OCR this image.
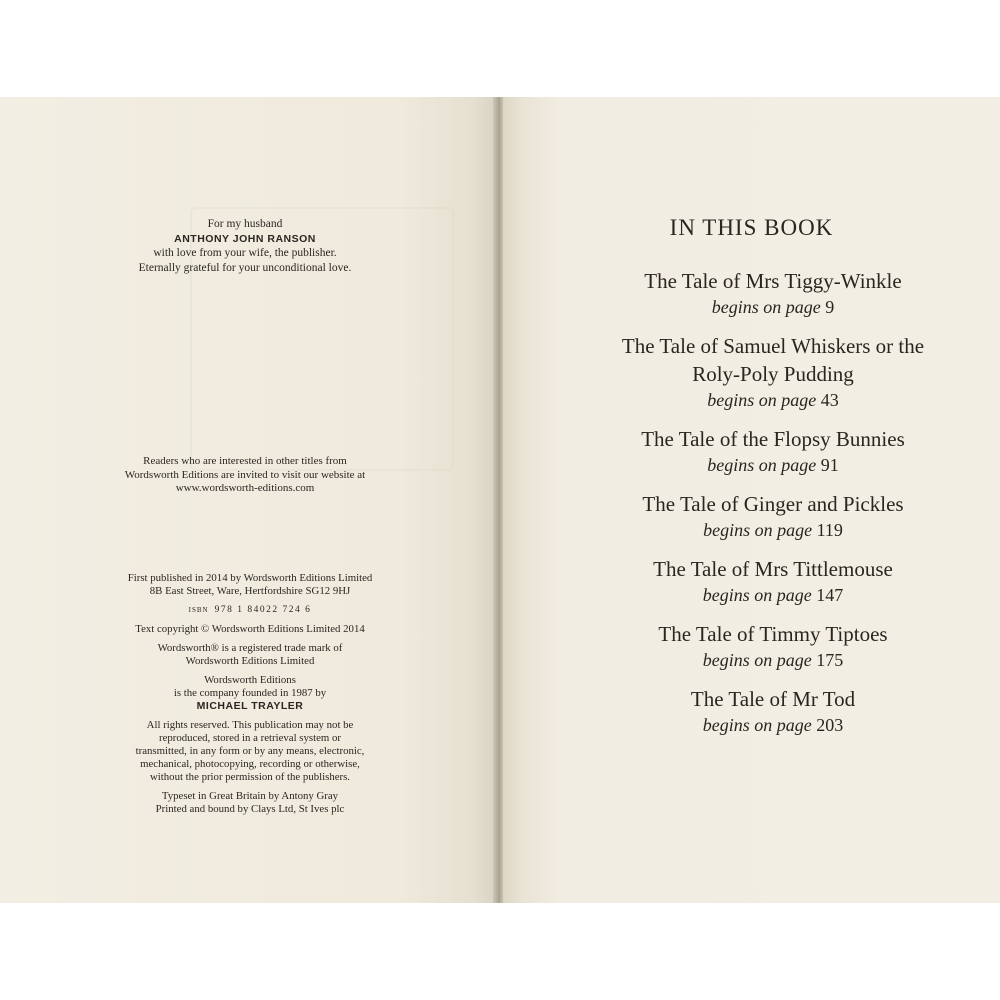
For my husband
ANTHONY JOHN RANSON
with love from your wife, the publisher.
Eternally grateful for your unconditional love.
Readers who are interested in other titles from
Wordsworth Editions are invited to visit our website at
www.wordsworth-editions.com
First published in 2014 by Wordsworth Editions Limited
8B East Street, Ware, Hertfordshire SG12 9HJ
ISBN 978 1 84022 724 6
Text copyright © Wordsworth Editions Limited 2014
Wordsworth® is a registered trade mark of
Wordsworth Editions Limited
Wordsworth Editions
is the company founded in 1987 by
MICHAEL TRAYLER
All rights reserved. This publication may not be
reproduced, stored in a retrieval system or
transmitted, in any form or by any means, electronic,
mechanical, photocopying, recording or otherwise,
without the prior permission of the publishers.
Typeset in Great Britain by Antony Gray
Printed and bound by Clays Ltd, St Ives plc
IN THIS BOOK
The Tale of Mrs Tiggy-Winkle
begins on page 9
The Tale of Samuel Whiskers or the
Roly-Poly Pudding
begins on page 43
The Tale of the Flopsy Bunnies
begins on page 91
The Tale of Ginger and Pickles
begins on page 119
The Tale of Mrs Tittlemouse
begins on page 147
The Tale of Timmy Tiptoes
begins on page 175
The Tale of Mr Tod
begins on page 203
